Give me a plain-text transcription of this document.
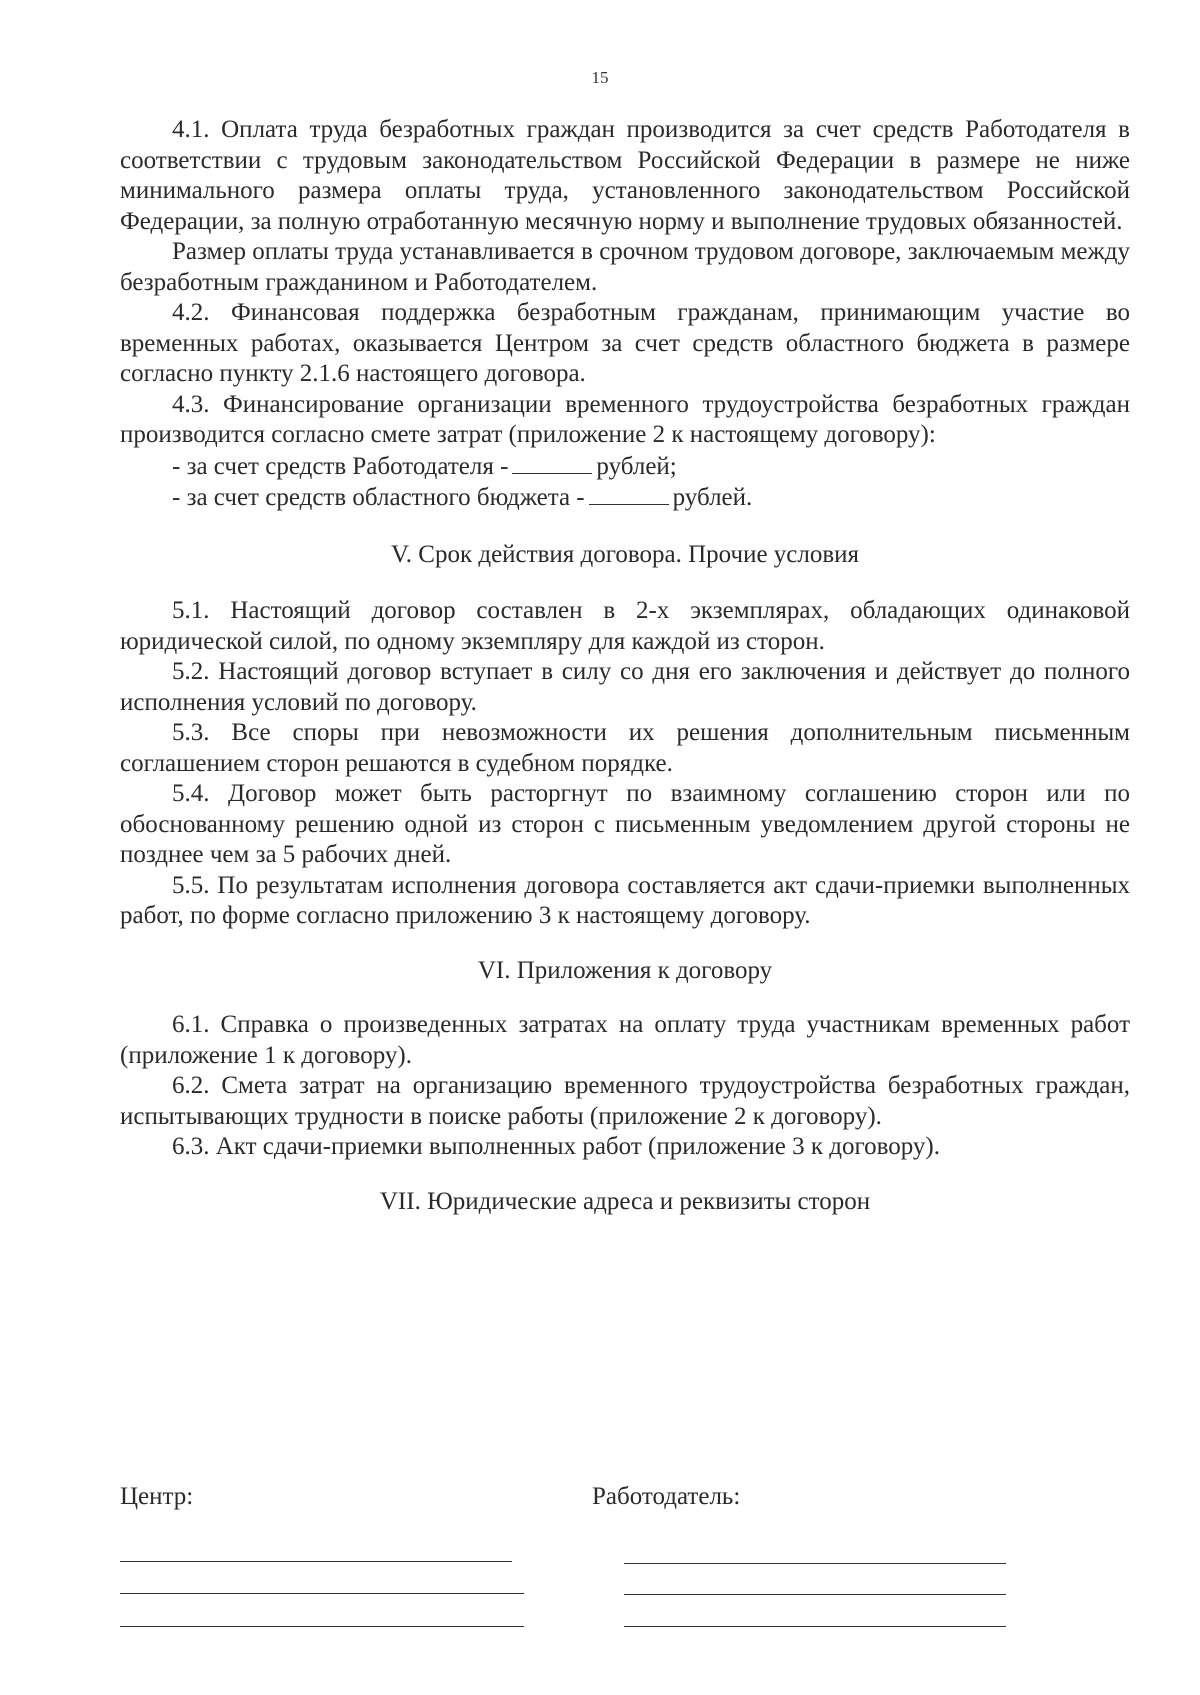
15

4.1. Оплата труда безработных граждан производится за счет средств Работодателя в соответствии с трудовым законодательством Российской Федерации в размере не ниже минимального размера оплаты труда, установленного законодательством Российской Федерации, за полную отработанную месячную норму и выполнение трудовых обязанностей.

Размер оплаты труда устанавливается в срочном трудовом договоре, заключаемым между безработным гражданином и Работодателем.

4.2. Финансовая поддержка безработным гражданам, принимающим участие во временных работах, оказывается Центром за счет средств областного бюджета в размере согласно пункту 2.1.6 настоящего договора.

4.3. Финансирование организации временного трудоустройства безработных граждан производится согласно смете затрат (приложение 2 к настоящему договору):

- за счет средств Работодателя -	рублей;

- за счет средств областного бюджета -	рублей.

V. Срок действия договора. Прочие условия

5.1. Настоящий договор составлен в 2-х экземплярах, обладающих одинаковой юридической силой, по одному экземпляру для каждой из сторон.

5.2. Настоящий договор вступает в силу со дня его заключения и действует до полного исполнения условий по договору.

5.3. Все споры при невозможности их решения дополнительным письменным соглашением сторон решаются в судебном порядке.

5.4. Договор может быть расторгнут по взаимному соглашению сторон или по обоснованному решению одной из сторон с письменным уведомлением другой стороны не позднее чем за 5 рабочих дней.

5.5. По результатам исполнения договора составляется акт сдачи-приемки выполненных работ, по форме согласно приложению 3 к настоящему договору.

VI. Приложения к договору

6.1. Справка о произведенных затратах на оплату труда участникам временных работ (приложение 1 к договору).

6.2. Смета затрат на организацию временного трудоустройства безработных граждан, испытывающих трудности в поиске работы (приложение 2 к договору).

6.3. Акт сдачи-приемки выполненных работ (приложение 3 к договору).

VII. Юридические адреса и реквизиты сторон

Центр:	Работодатель:
